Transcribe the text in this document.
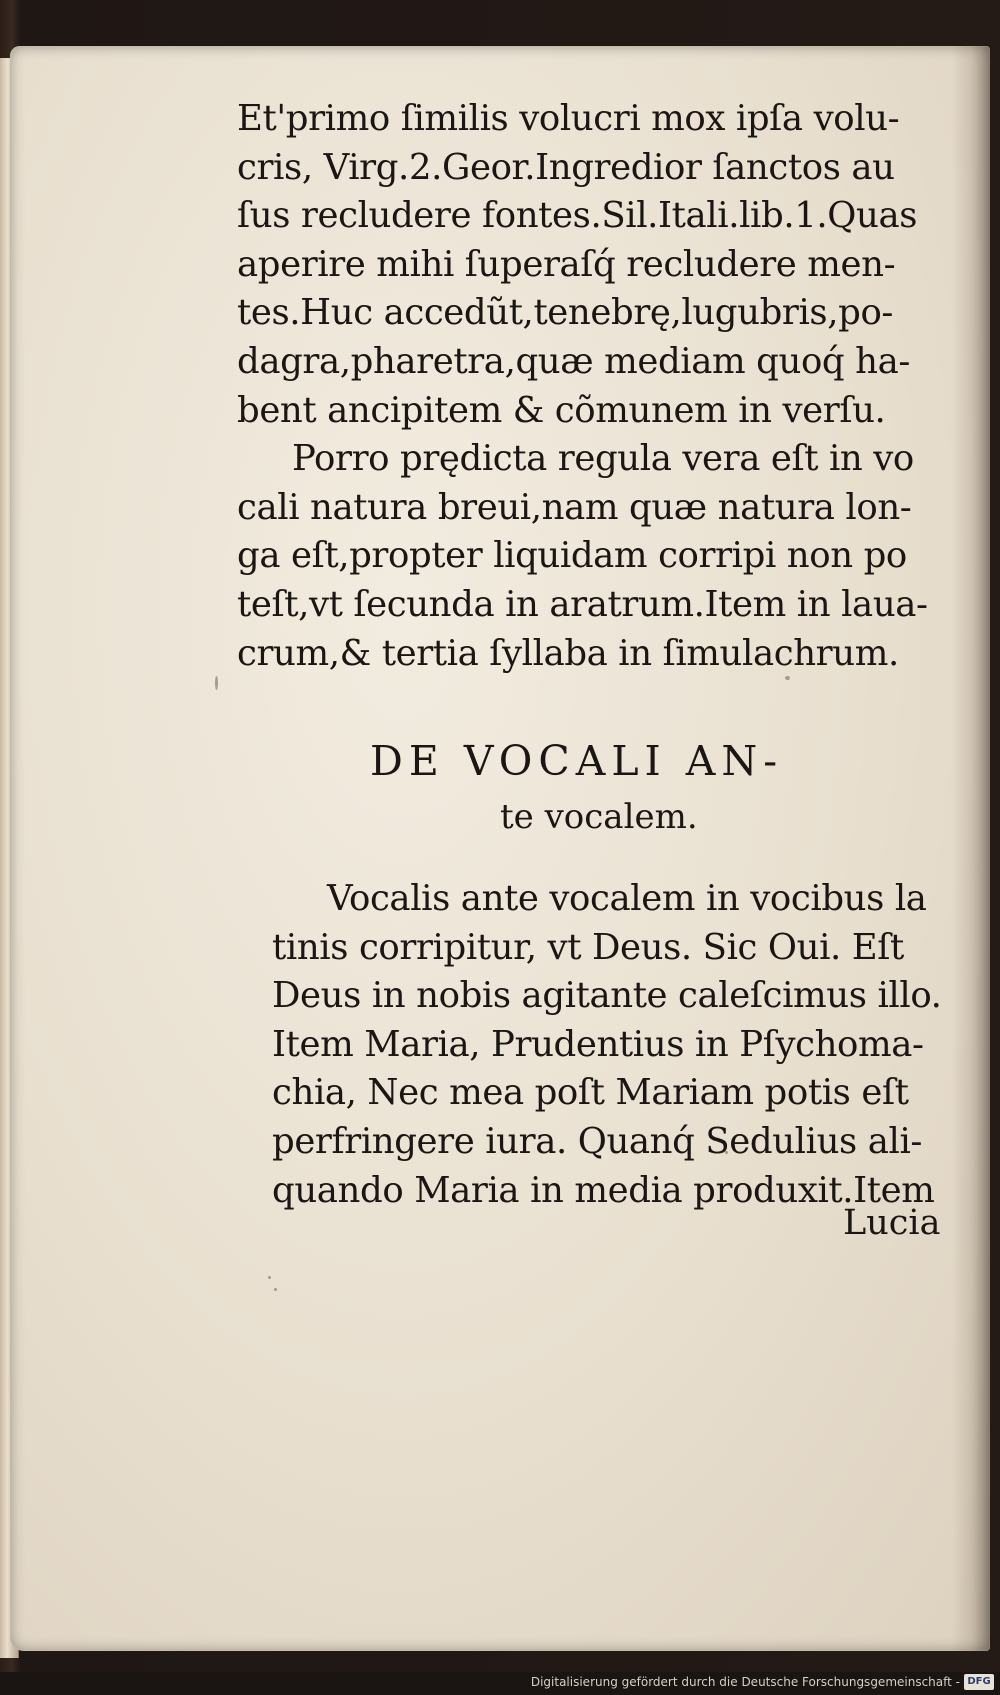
Et'primo ſimilis volucri mox ipſa volu-
cris, Virg.2.Geor.Ingredior ſanctos au
ſus recludere fontes.Sil.Itali.lib.1.Quas
aperire mihi ſuperaſq́ recludere men-
tes.Huc accedũt,tenebrę,lugubris,po-
dagra,pharetra,quæ mediam quoq́ ha-
bent ancipitem & cõmunem in verſu.
Porro prędicta regula vera eſt in vo
cali natura breui,nam quæ natura lon-
ga eſt,propter liquidam corripi non po
teſt,vt ſecunda in aratrum.Item in laua-
crum,& tertia ſyllaba in ſimulachrum.
DE VOCALI AN-
te vocalem.
Vocalis ante vocalem in vocibus la
tinis corripitur, vt Deus. Sic Oui. Eſt
Deus in nobis agitante caleſcimus illo.
Item Maria, Prudentius in Pſychoma-
chia, Nec mea poſt Mariam potis eſt
perfringere iura. Quanq́ Sedulius ali-
quando Maria in media produxit.Item
Lucia
Digitalisierung gefördert durch die Deutsche Forschungsgemeinschaft - DFG
